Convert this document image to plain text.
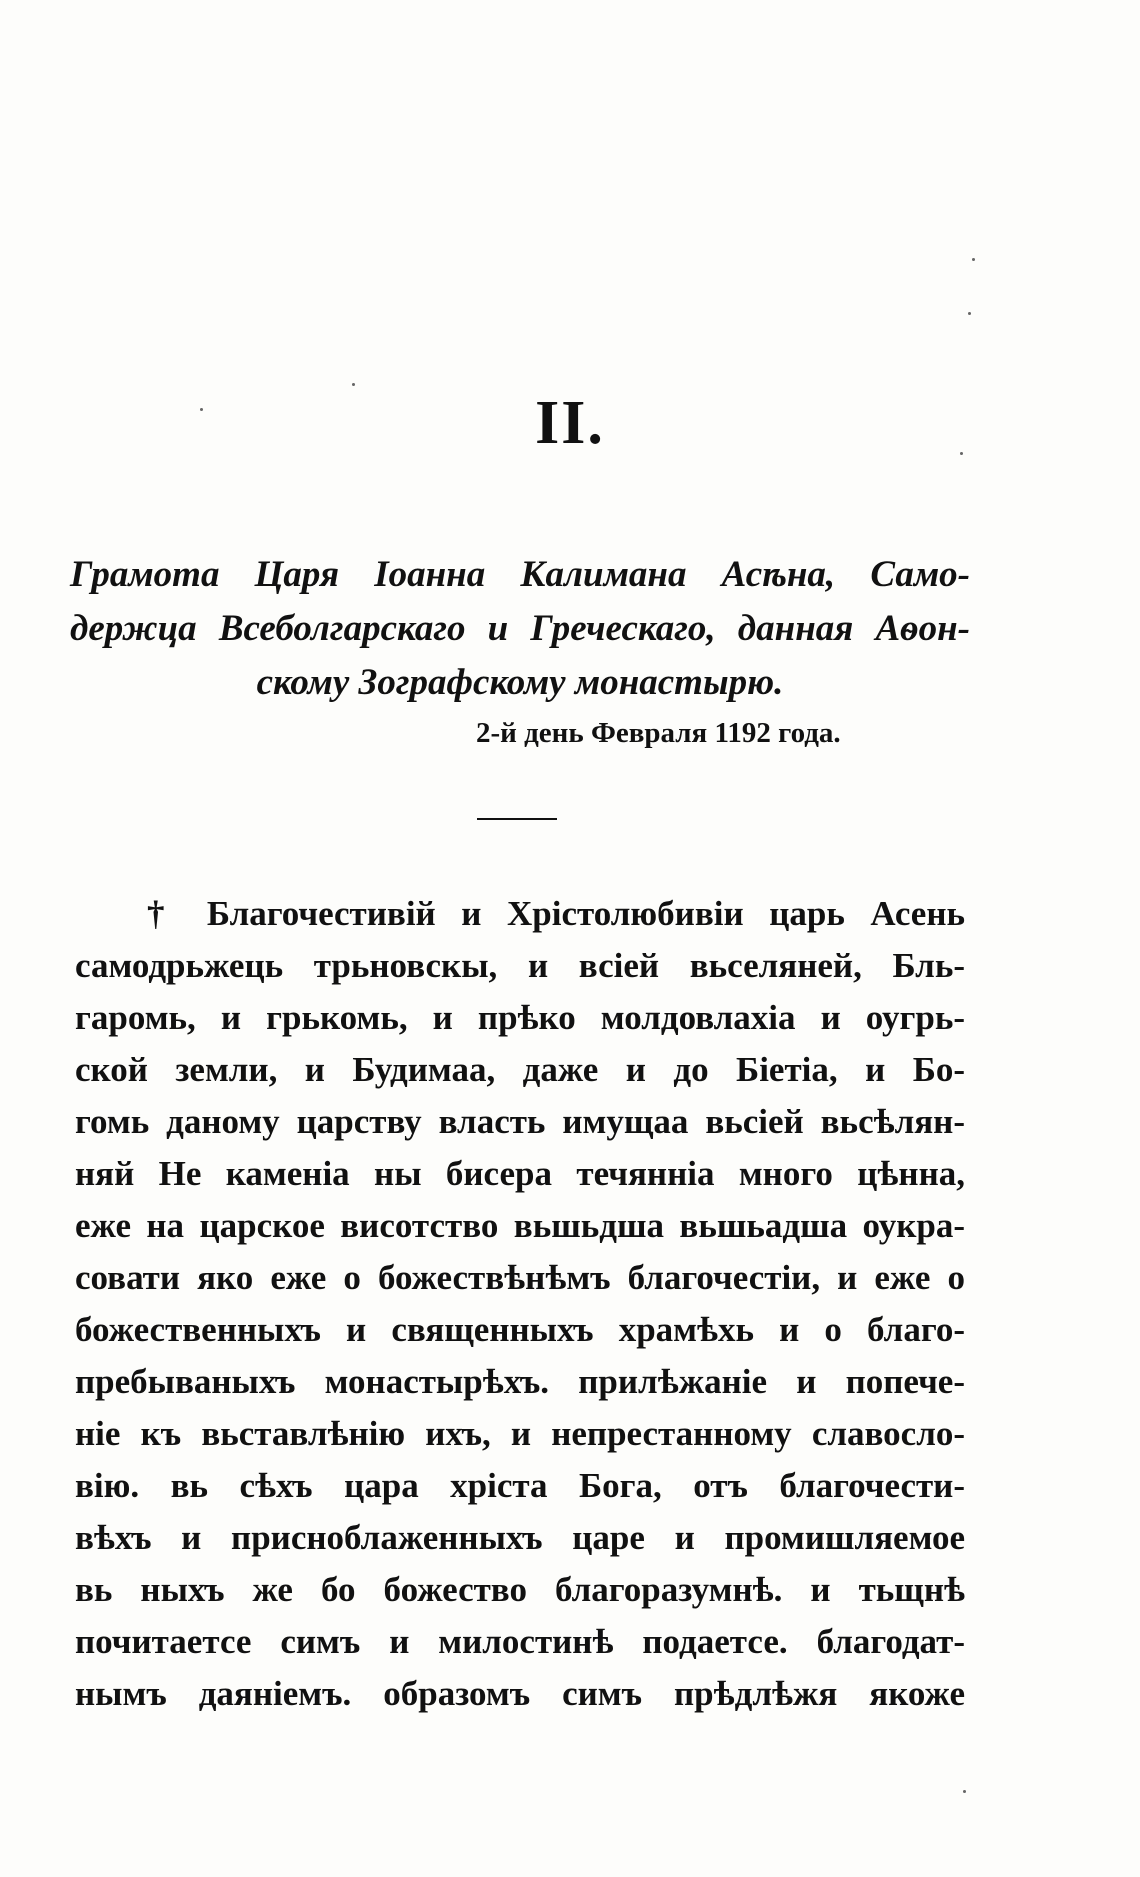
II.
Грамота Царя Іоанна Калимана Асѣна, Само-
держца Всеболгарскаго и Греческаго, данная Аѳон-
скому Зографскому монастырю.
2-й день Февраля 1192 года.
† Благочестивій и Хрістолюбивіи царь Асень
самодрьжець трьновскы, и всіей вьселяней, Бль-
гаромь, и грькомь, и прѣко молдовлахіа и оугрь-
ской земли, и Будимаа, даже и до Біетіа, и Бо-
гомь даному царству власть имущаа вьсіей вьсѣлян-
няй Не каменіа ны бисера течянніа много цѣнна,
еже на царское висотство вьшьдша вьшьадша оукра-
совати яко еже о божествѣнѣмъ благочестіи, и еже о
божественныхъ и священныхъ храмѣхь и о благо-
пребываныхъ монастырѣхъ. прилѣжаніе и попече-
ніе къ вьставлѣнію ихъ, и непрестанному славосло-
вію. вь сѣхъ цара хріста Бога, отъ благочести-
вѣхъ и присноблаженныхъ царе и промишляемое
вь ныхъ же бо божество благоразумнѣ. и тьщнѣ
почитаетсе симъ и милостинѣ подаетсе. благодат-
нымъ даяніемъ. образомъ симъ прѣдлѣжя якоже
